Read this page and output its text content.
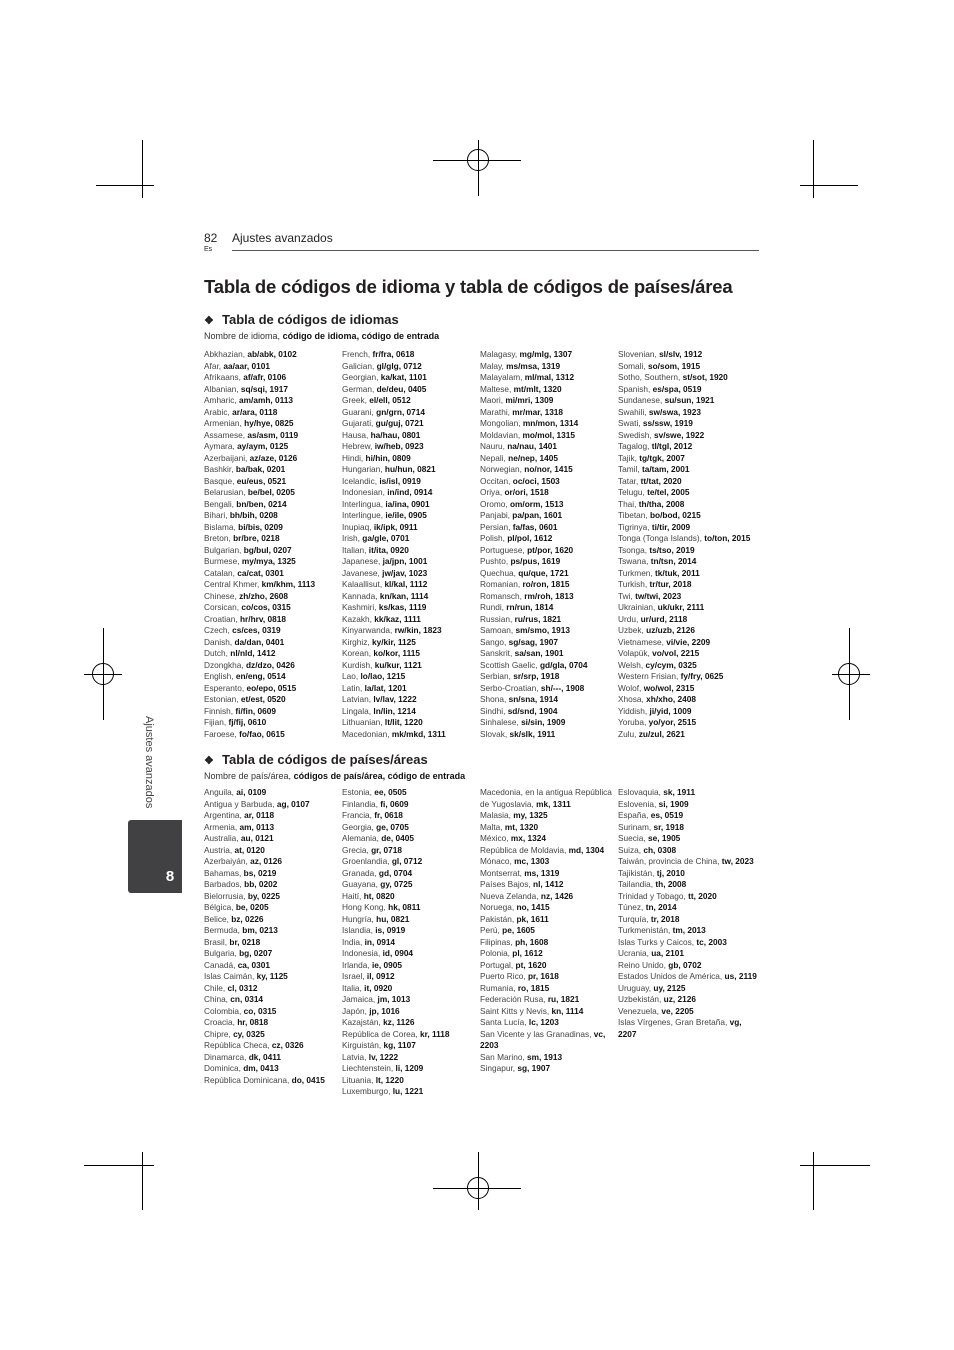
82
Es
Ajustes avanzados
Ajustes avanzados
8
Tabla de códigos de idioma y tabla de códigos de países/área
❖ Tabla de códigos de idiomas
Nombre de idioma, código de idioma, código de entrada
Abkhazian, ab/abk, 0102
Afar, aa/aar, 0101
Afrikaans, af/afr, 0106
Albanian, sq/sqi, 1917
Amharic, am/amh, 0113
Arabic, ar/ara, 0118
Armenian, hy/hye, 0825
Assamese, as/asm, 0119
Aymara, ay/aym, 0125
Azerbaijani, az/aze, 0126
Bashkir, ba/bak, 0201
Basque, eu/eus, 0521
Belarusian, be/bel, 0205
Bengali, bn/ben, 0214
Bihari, bh/bih, 0208
Bislama, bi/bis, 0209
Breton, br/bre, 0218
Bulgarian, bg/bul, 0207
Burmese, my/mya, 1325
Catalan, ca/cat, 0301
Central Khmer, km/khm, 1113
Chinese, zh/zho, 2608
Corsican, co/cos, 0315
Croatian, hr/hrv, 0818
Czech, cs/ces, 0319
Danish, da/dan, 0401
Dutch, nl/nld, 1412
Dzongkha, dz/dzo, 0426
English, en/eng, 0514
Esperanto, eo/epo, 0515
Estonian, et/est, 0520
Finnish, fi/fin, 0609
Fijian, fj/fij, 0610
Faroese, fo/fao, 0615
French, fr/fra, 0618
Galician, gl/glg, 0712
Georgian, ka/kat, 1101
German, de/deu, 0405
Greek, el/ell, 0512
Guarani, gn/grn, 0714
Gujarati, gu/guj, 0721
Hausa, ha/hau, 0801
Hebrew, iw/heb, 0923
Hindi, hi/hin, 0809
Hungarian, hu/hun, 0821
Icelandic, is/isl, 0919
Indonesian, in/ind, 0914
Interlingua, ia/ina, 0901
Interlingue, ie/ile, 0905
Inupiaq, ik/ipk, 0911
Irish, ga/gle, 0701
Italian, it/ita, 0920
Japanese, ja/jpn, 1001
Javanese, jw/jav, 1023
Kalaallisut, kl/kal, 1112
Kannada, kn/kan, 1114
Kashmiri, ks/kas, 1119
Kazakh, kk/kaz, 1111
Kinyarwanda, rw/kin, 1823
Kirghiz, ky/kir, 1125
Korean, ko/kor, 1115
Kurdish, ku/kur, 1121
Lao, lo/lao, 1215
Latin, la/lat, 1201
Latvian, lv/lav, 1222
Lingala, ln/lin, 1214
Lithuanian, lt/lit, 1220
Macedonian, mk/mkd, 1311
Malagasy, mg/mlg, 1307
Malay, ms/msa, 1319
Malayalam, ml/mal, 1312
Maltese, mt/mlt, 1320
Maori, mi/mri, 1309
Marathi, mr/mar, 1318
Mongolian, mn/mon, 1314
Moldavian, mo/mol, 1315
Nauru, na/nau, 1401
Nepali, ne/nep, 1405
Norwegian, no/nor, 1415
Occitan, oc/oci, 1503
Oriya, or/ori, 1518
Oromo, om/orm, 1513
Panjabi, pa/pan, 1601
Persian, fa/fas, 0601
Polish, pl/pol, 1612
Portuguese, pt/por, 1620
Pushto, ps/pus, 1619
Quechua, qu/que, 1721
Romanian, ro/ron, 1815
Romansch, rm/roh, 1813
Rundi, rn/run, 1814
Russian, ru/rus, 1821
Samoan, sm/smo, 1913
Sango, sg/sag, 1907
Sanskrit, sa/san, 1901
Scottish Gaelic, gd/gla, 0704
Serbian, sr/srp, 1918
Serbo-Croatian, sh/---, 1908
Shona, sn/sna, 1914
Sindhi, sd/snd, 1904
Sinhalese, si/sin, 1909
Slovak, sk/slk, 1911
Slovenian, sl/slv, 1912
Somali, so/som, 1915
Sotho, Southern, st/sot, 1920
Spanish, es/spa, 0519
Sundanese, su/sun, 1921
Swahili, sw/swa, 1923
Swati, ss/ssw, 1919
Swedish, sv/swe, 1922
Tagalog, tl/tgl, 2012
Tajik, tg/tgk, 2007
Tamil, ta/tam, 2001
Tatar, tt/tat, 2020
Telugu, te/tel, 2005
Thai, th/tha, 2008
Tibetan, bo/bod, 0215
Tigrinya, ti/tir, 2009
Tonga (Tonga Islands), to/ton, 2015
Tsonga, ts/tso, 2019
Tswana, tn/tsn, 2014
Turkmen, tk/tuk, 2011
Turkish, tr/tur, 2018
Twi, tw/twi, 2023
Ukrainian, uk/ukr, 2111
Urdu, ur/urd, 2118
Uzbek, uz/uzb, 2126
Vietnamese, vi/vie, 2209
Volapük, vo/vol, 2215
Welsh, cy/cym, 0325
Western Frisian, fy/fry, 0625
Wolof, wo/wol, 2315
Xhosa, xh/xho, 2408
Yiddish, ji/yid, 1009
Yoruba, yo/yor, 2515
Zulu, zu/zul, 2621
❖ Tabla de códigos de países/áreas
Nombre de país/área, códigos de país/área, código de entrada
Anguila, ai, 0109
Antigua y Barbuda, ag, 0107
Argentina, ar, 0118
Armenia, am, 0113
Australia, au, 0121
Austria, at, 0120
Azerbaiyán, az, 0126
Bahamas, bs, 0219
Barbados, bb, 0202
Bielorrusia, by, 0225
Bélgica, be, 0205
Belice, bz, 0226
Bermuda, bm, 0213
Brasil, br, 0218
Bulgaria, bg, 0207
Canadá, ca, 0301
Islas Caimán, ky, 1125
Chile, cl, 0312
China, cn, 0314
Colombia, co, 0315
Croacia, hr, 0818
Chipre, cy, 0325
República Checa, cz, 0326
Dinamarca, dk, 0411
Dominica, dm, 0413
República Dominicana, do, 0415
Estonia, ee, 0505
Finlandia, fi, 0609
Francia, fr, 0618
Georgia, ge, 0705
Alemania, de, 0405
Grecia, gr, 0718
Groenlandia, gl, 0712
Granada, gd, 0704
Guayana, gy, 0725
Haití, ht, 0820
Hong Kong, hk, 0811
Hungría, hu, 0821
Islandia, is, 0919
India, in, 0914
Indonesia, id, 0904
Irlanda, ie, 0905
Israel, il, 0912
Italia, it, 0920
Jamaica, jm, 1013
Japón, jp, 1016
Kazajstán, kz, 1126
República de Corea, kr, 1118
Kirguistán, kg, 1107
Latvia, lv, 1222
Liechtenstein, li, 1209
Lituania, lt, 1220
Luxemburgo, lu, 1221
Macedonia, en la antigua República de Yugoslavia, mk, 1311
Malasia, my, 1325
Malta, mt, 1320
México, mx, 1324
República de Moldavia, md, 1304
Mónaco, mc, 1303
Montserrat, ms, 1319
Países Bajos, nl, 1412
Nueva Zelanda, nz, 1426
Noruega, no, 1415
Pakistán, pk, 1611
Perú, pe, 1605
Filipinas, ph, 1608
Polonia, pl, 1612
Portugal, pt, 1620
Puerto Rico, pr, 1618
Rumania, ro, 1815
Federación Rusa, ru, 1821
Saint Kitts y Nevis, kn, 1114
Santa Lucía, lc, 1203
San Vicente y las Granadinas, vc, 2203
San Marino, sm, 1913
Singapur, sg, 1907
Eslovaquia, sk, 1911
Eslovenia, si, 1909
España, es, 0519
Surinam, sr, 1918
Suecia, se, 1905
Suiza, ch, 0308
Taiwán, provincia de China, tw, 2023
Tajikistán, tj, 2010
Tailandia, th, 2008
Trinidad y Tobago, tt, 2020
Túnez, tn, 2014
Turquía, tr, 2018
Turkmenistán, tm, 2013
Islas Turks y Caicos, tc, 2003
Ucrania, ua, 2101
Reino Unido, gb, 0702
Estados Unidos de América, us, 2119
Uruguay, uy, 2125
Uzbekistán, uz, 2126
Venezuela, ve, 2205
Islas Vírgenes, Gran Bretaña, vg, 2207
